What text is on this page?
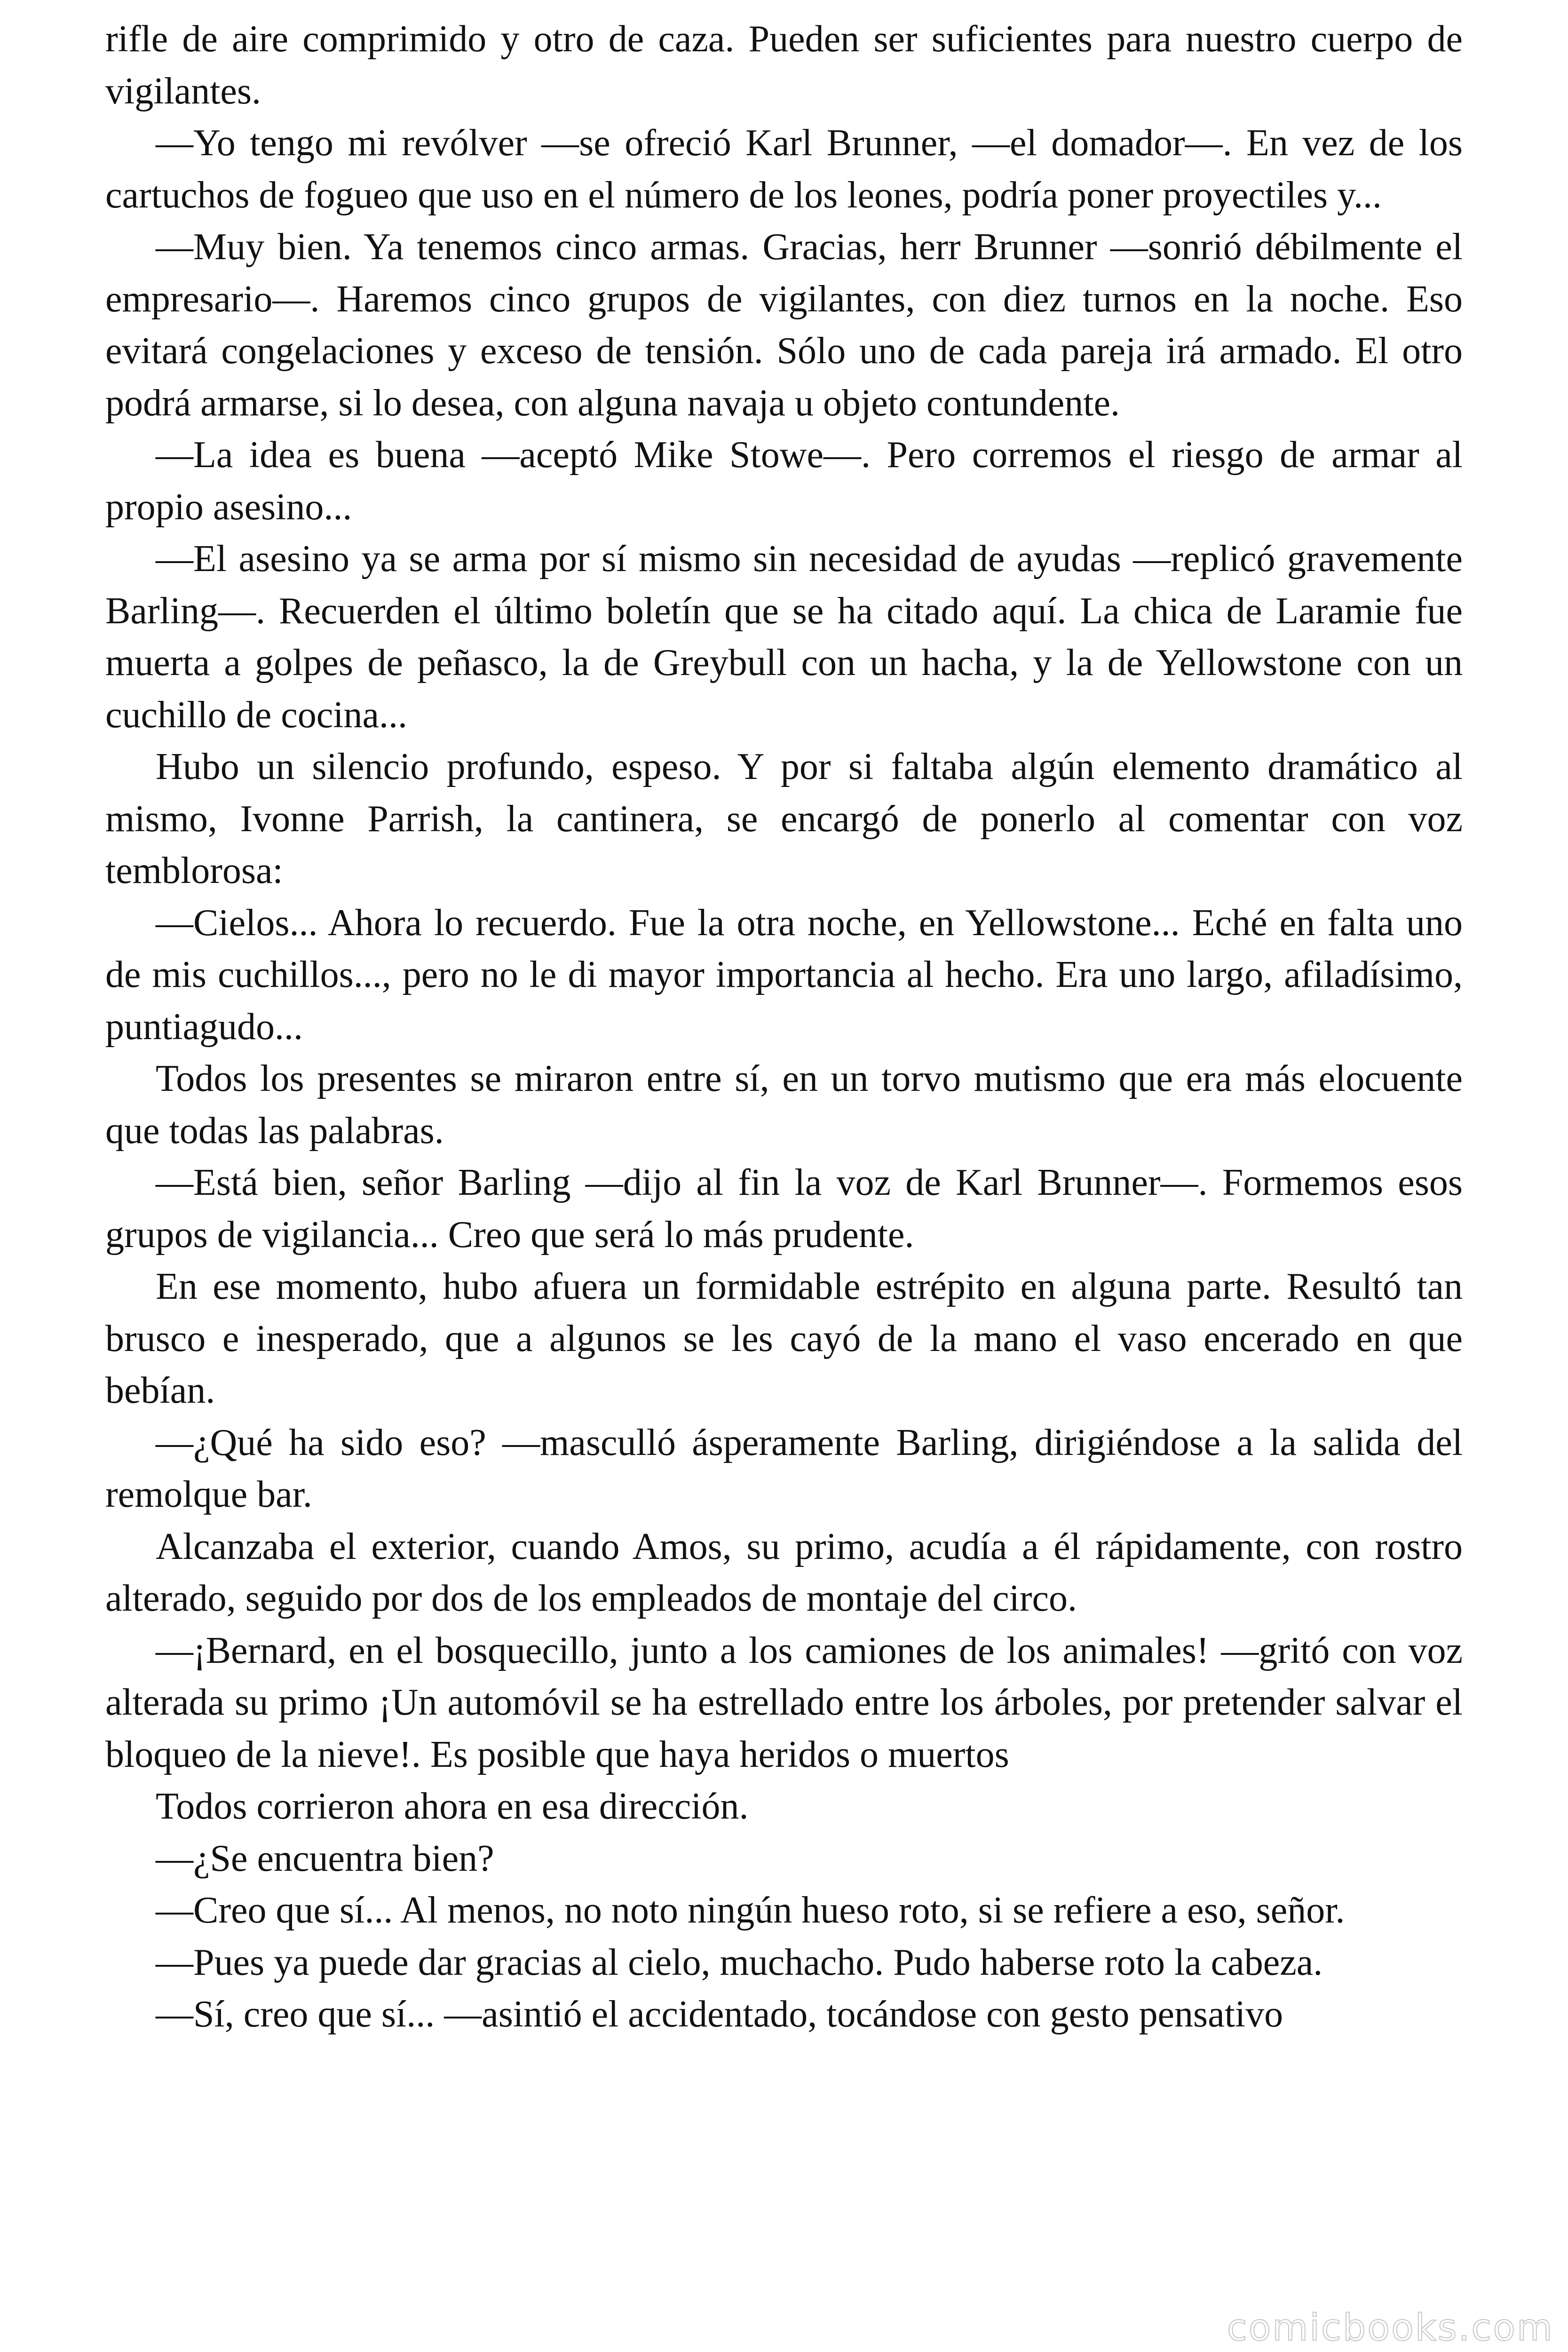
rifle de aire comprimido y otro de caza. Pueden ser suficientes para nuestro cuerpo de vigilantes.

—Yo tengo mi revólver —se ofreció Karl Brunner, —el domador—. En vez de los cartuchos de fogueo que uso en el número de los leones, podría poner proyectiles y...

—Muy bien. Ya tenemos cinco armas. Gracias, herr Brunner —sonrió débilmente el empresario—. Haremos cinco grupos de vigilantes, con diez turnos en la noche. Eso evitará congelaciones y exceso de tensión. Sólo uno de cada pareja irá armado. El otro podrá armarse, si lo desea, con alguna navaja u objeto contundente.

—La idea es buena —aceptó Mike Stowe—. Pero corremos el riesgo de armar al propio asesino...

—El asesino ya se arma por sí mismo sin necesidad de ayudas —replicó gravemente Barling—. Recuerden el último boletín que se ha citado aquí. La chica de Laramie fue muerta a golpes de peñasco, la de Greybull con un hacha, y la de Yellowstone con un cuchillo de cocina...

Hubo un silencio profundo, espeso. Y por si faltaba algún elemento dramático al mismo, Ivonne Parrish, la cantinera, se encargó de ponerlo al comentar con voz temblorosa:

—Cielos... Ahora lo recuerdo. Fue la otra noche, en Yellowstone... Eché en falta uno de mis cuchillos..., pero no le di mayor importancia al hecho. Era uno largo, afiladísimo, puntiagudo...

Todos los presentes se miraron entre sí, en un torvo mutismo que era más elocuente que todas las palabras.

—Está bien, señor Barling —dijo al fin la voz de Karl Brunner—. Formemos esos grupos de vigilancia... Creo que será lo más prudente.

En ese momento, hubo afuera un formidable estrépito en alguna parte. Resultó tan brusco e inesperado, que a algunos se les cayó de la mano el vaso encerado en que bebían.

—¿Qué ha sido eso? —masculló ásperamente Barling, dirigiéndose a la salida del remolque bar.

Alcanzaba el exterior, cuando Amos, su primo, acudía a él rápidamente, con rostro alterado, seguido por dos de los empleados de montaje del circo.

—¡Bernard, en el bosquecillo, junto a los camiones de los animales! —gritó con voz alterada su primo ¡Un automóvil se ha estrellado entre los árboles, por pretender salvar el bloqueo de la nieve!. Es posible que haya heridos o muertos

Todos corrieron ahora en esa dirección.

—¿Se encuentra bien?

—Creo que sí... Al menos, no noto ningún hueso roto, si se refiere a eso, señor.

—Pues ya puede dar gracias al cielo, muchacho. Pudo haberse roto la cabeza.

—Sí, creo que sí... —asintió el accidentado, tocándose con gesto pensativo

comicbooks.com
